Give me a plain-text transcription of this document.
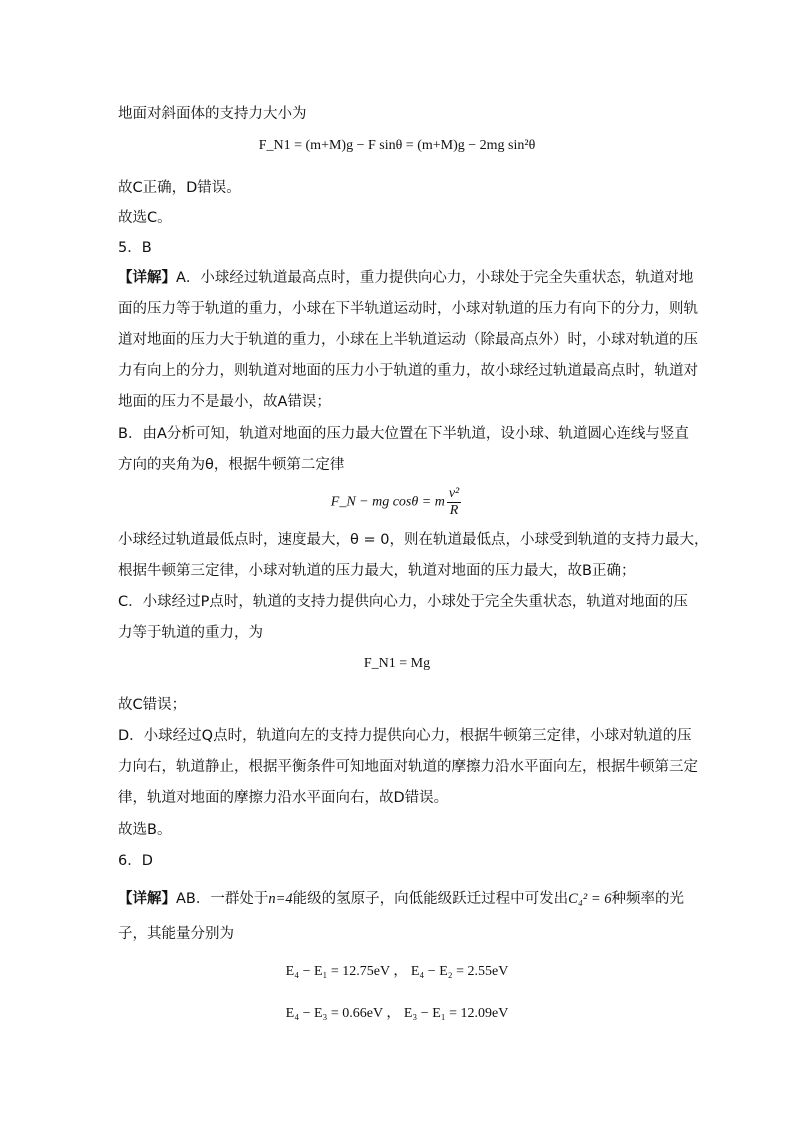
地面对斜面体的支持力大小为
F_N1 = (m+M)g − F sinθ = (m+M)g − 2mg sin²θ
故C正确，D错误。
故选C。
5．B
【详解】A．小球经过轨道最高点时，重力提供向心力，小球处于完全失重状态，轨道对地
面的压力等于轨道的重力，小球在下半轨道运动时，小球对轨道的压力有向下的分力，则轨
道对地面的压力大于轨道的重力，小球在上半轨道运动（除最高点外）时，小球对轨道的压
力有向上的分力，则轨道对地面的压力小于轨道的重力，故小球经过轨道最高点时，轨道对
地面的压力不是最小，故A错误；
B．由A分析可知，轨道对地面的压力最大位置在下半轨道，设小球、轨道圆心连线与竖直
方向的夹角为θ，根据牛顿第二定律
F_N − mg cosθ = m $\frac{\text{v²}}{R}$
小球经过轨道最低点时，速度最大，θ = 0，则在轨道最低点，小球受到轨道的支持力最大，
根据牛顿第三定律，小球对轨道的压力最大，轨道对地面的压力最大，故B正确；
C．小球经过P点时，轨道的支持力提供向心力，小球处于完全失重状态，轨道对地面的压
力等于轨道的重力，为
F_N1 = Mg
故C错误；
D．小球经过Q点时，轨道向左的支持力提供向心力，根据牛顿第三定律，小球对轨道的压
力向右，轨道静止，根据平衡条件可知地面对轨道的摩擦力沿水平面向左，根据牛顿第三定
律，轨道对地面的摩擦力沿水平面向右，故D错误。
故选B。
6．D
【详解】AB．一群处于n=4能级的氢原子，向低能级跃迁过程中可发出C₄² = 6种频率的光
子，其能量分别为
E₄ − E₁ = 12.75eV ， E₄ − E₂ = 2.55eV
E₄ − E₃ = 0.66eV ， E₃ − E₁ = 12.09eV
